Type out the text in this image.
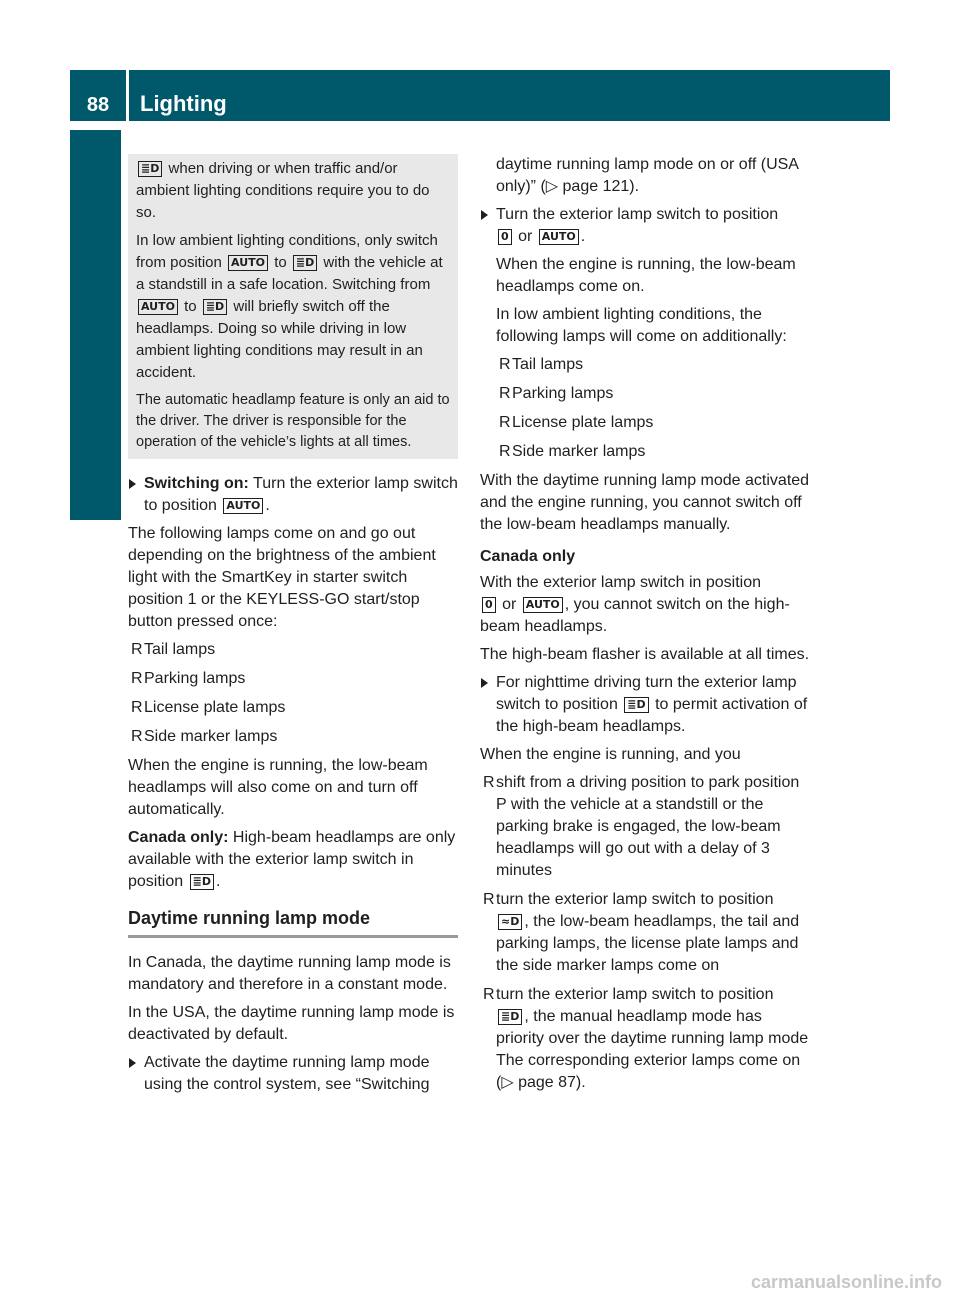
88	Lighting
Controls in detail

≣D when driving or when traffic and/or ambient lighting conditions require you to do so.

In low ambient lighting conditions, only switch from position AUTO to ≣D with the vehicle at a standstill in a safe location. Switching from AUTO to ≣D will briefly switch off the headlamps. Doing so while driving in low ambient lighting conditions may result in an accident.

The automatic headlamp feature is only an aid to the driver. The driver is responsible for the operation of the vehicle’s lights at all times.

Switching on: Turn the exterior lamp switch to position AUTO .

The following lamps come on and go out depending on the brightness of the ambient light with the SmartKey in starter switch position 1 or the KEYLESS-GO start/stop button pressed once:

R Tail lamps
R Parking lamps
R License plate lamps
R Side marker lamps

When the engine is running, the low-beam headlamps will also come on and turn off automatically.

Canada only: High-beam headlamps are only available with the exterior lamp switch in position ≣D .

Daytime running lamp mode

In Canada, the daytime running lamp mode is mandatory and therefore in a constant mode.

In the USA, the daytime running lamp mode is deactivated by default.

Activate the daytime running lamp mode using the control system, see “Switching

daytime running lamp mode on or off (USA only)” (▷ page 121).

Turn the exterior lamp switch to position
0 or AUTO .

When the engine is running, the low-beam headlamps come on.

In low ambient lighting conditions, the following lamps will come on additionally:

R Tail lamps
R Parking lamps
R License plate lamps
R Side marker lamps

With the daytime running lamp mode activated and the engine running, you cannot switch off the low-beam headlamps manually.

Canada only

With the exterior lamp switch in position
0 or AUTO , you cannot switch on the high-beam headlamps.

The high-beam flasher is available at all times.

For nighttime driving turn the exterior lamp switch to position ≣D to permit activation of the high-beam headlamps.

When the engine is running, and you

R shift from a driving position to park position P with the vehicle at a standstill or the parking brake is engaged, the low-beam headlamps will go out with a delay of 3 minutes
R turn the exterior lamp switch to position
≈D , the low-beam headlamps, the tail and parking lamps, the license plate lamps and the side marker lamps come on
R turn the exterior lamp switch to position
≣D , the manual headlamp mode has priority over the daytime running lamp mode
The corresponding exterior lamps come on (▷ page 87).
carmanualsonline.info
